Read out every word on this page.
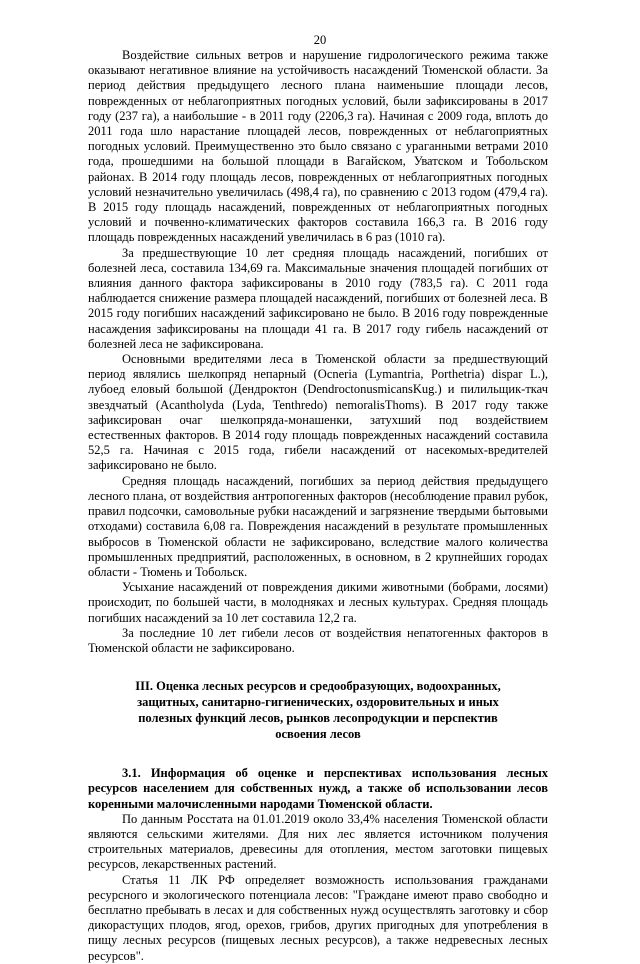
20

Воздействие сильных ветров и нарушение гидрологического режима также оказывают негативное влияние на устойчивость насаждений Тюменской области. За период действия предыдущего лесного плана наименьшие площади лесов, поврежденных от неблагоприятных погодных условий, были зафиксированы в 2017 году (237 га), а наибольшие - в 2011 году (2206,3 га). Начиная с 2009 года, вплоть до 2011 года шло нарастание площадей лесов, поврежденных от неблагоприятных погодных условий. Преимущественно это было связано с ураганными ветрами 2010 года, прошедшими на большой площади в Вагайском, Уватском и Тобольском районах. В 2014 году площадь лесов, поврежденных от неблагоприятных погодных условий незначительно увеличилась (498,4 га), по сравнению с 2013 годом (479,4 га). В 2015 году площадь насаждений, поврежденных от неблагоприятных погодных условий и почвенно-климатических факторов составила 166,3 га. В 2016 году площадь поврежденных насаждений увеличилась в 6 раз (1010 га).

За предшествующие 10 лет средняя площадь насаждений, погибших от болезней леса, составила 134,69 га. Максимальные значения площадей погибших от влияния данного фактора зафиксированы в 2010 году (783,5 га). С 2011 года наблюдается снижение размера площадей насаждений, погибших от болезней леса. В 2015 году погибших насаждений зафиксировано не было. В 2016 году поврежденные насаждения зафиксированы на площади 41 га. В 2017 году гибель насаждений от болезней леса не зафиксирована.

Основными вредителями леса в Тюменской области за предшествующий период являлись шелкопряд непарный (Ocneria (Lymantria, Porthetria) dispar L.), лубоед еловый большой (Дендроктон (DendroctonusmicansKug.) и пилильщик-ткач звездчатый (Acantholyda (Lyda, Tenthredo) nemoralisThoms). В 2017 году также зафиксирован очаг шелкопряда-монашенки, затухший под воздействием естественных факторов. В 2014 году площадь поврежденных насаждений составила 52,5 га. Начиная с 2015 года, гибели насаждений от насекомых-вредителей зафиксировано не было.

Средняя площадь насаждений, погибших за период действия предыдущего лесного плана, от воздействия антропогенных факторов (несоблюдение правил рубок, правил подсочки, самовольные рубки насаждений и загрязнение твердыми бытовыми отходами) составила 6,08 га. Повреждения насаждений в результате промышленных выбросов в Тюменской области не зафиксировано, вследствие малого количества промышленных предприятий, расположенных, в основном, в 2 крупнейших городах области - Тюмень и Тобольск.

Усыхание насаждений от повреждения дикими животными (бобрами, лосями) происходит, по большей части, в молодняках и лесных культурах. Средняя площадь погибших насаждений за 10 лет составила 12,2 га.

За последние 10 лет гибели лесов от воздействия непатогенных факторов в Тюменской области не зафиксировано.

III. Оценка лесных ресурсов и средообразующих, водоохранных, защитных, санитарно-гигиенических, оздоровительных и иных полезных функций лесов, рынков лесопродукции и перспектив освоения лесов

3.1. Информация об оценке и перспективах использования лесных ресурсов населением для собственных нужд, а также об использовании лесов коренными малочисленными народами Тюменской области.

По данным Росстата на 01.01.2019 около 33,4% населения Тюменской области являются сельскими жителями. Для них лес является источником получения строительных материалов, древесины для отопления, местом заготовки пищевых ресурсов, лекарственных растений.

Статья 11 ЛК РФ определяет возможность использования гражданами ресурсного и экологического потенциала лесов: "Граждане имеют право свободно и бесплатно пребывать в лесах и для собственных нужд осуществлять заготовку и сбор дикорастущих плодов, ягод, орехов, грибов, других пригодных для употребления в пищу лесных ресурсов (пищевых лесных ресурсов), а также недревесных лесных ресурсов".
